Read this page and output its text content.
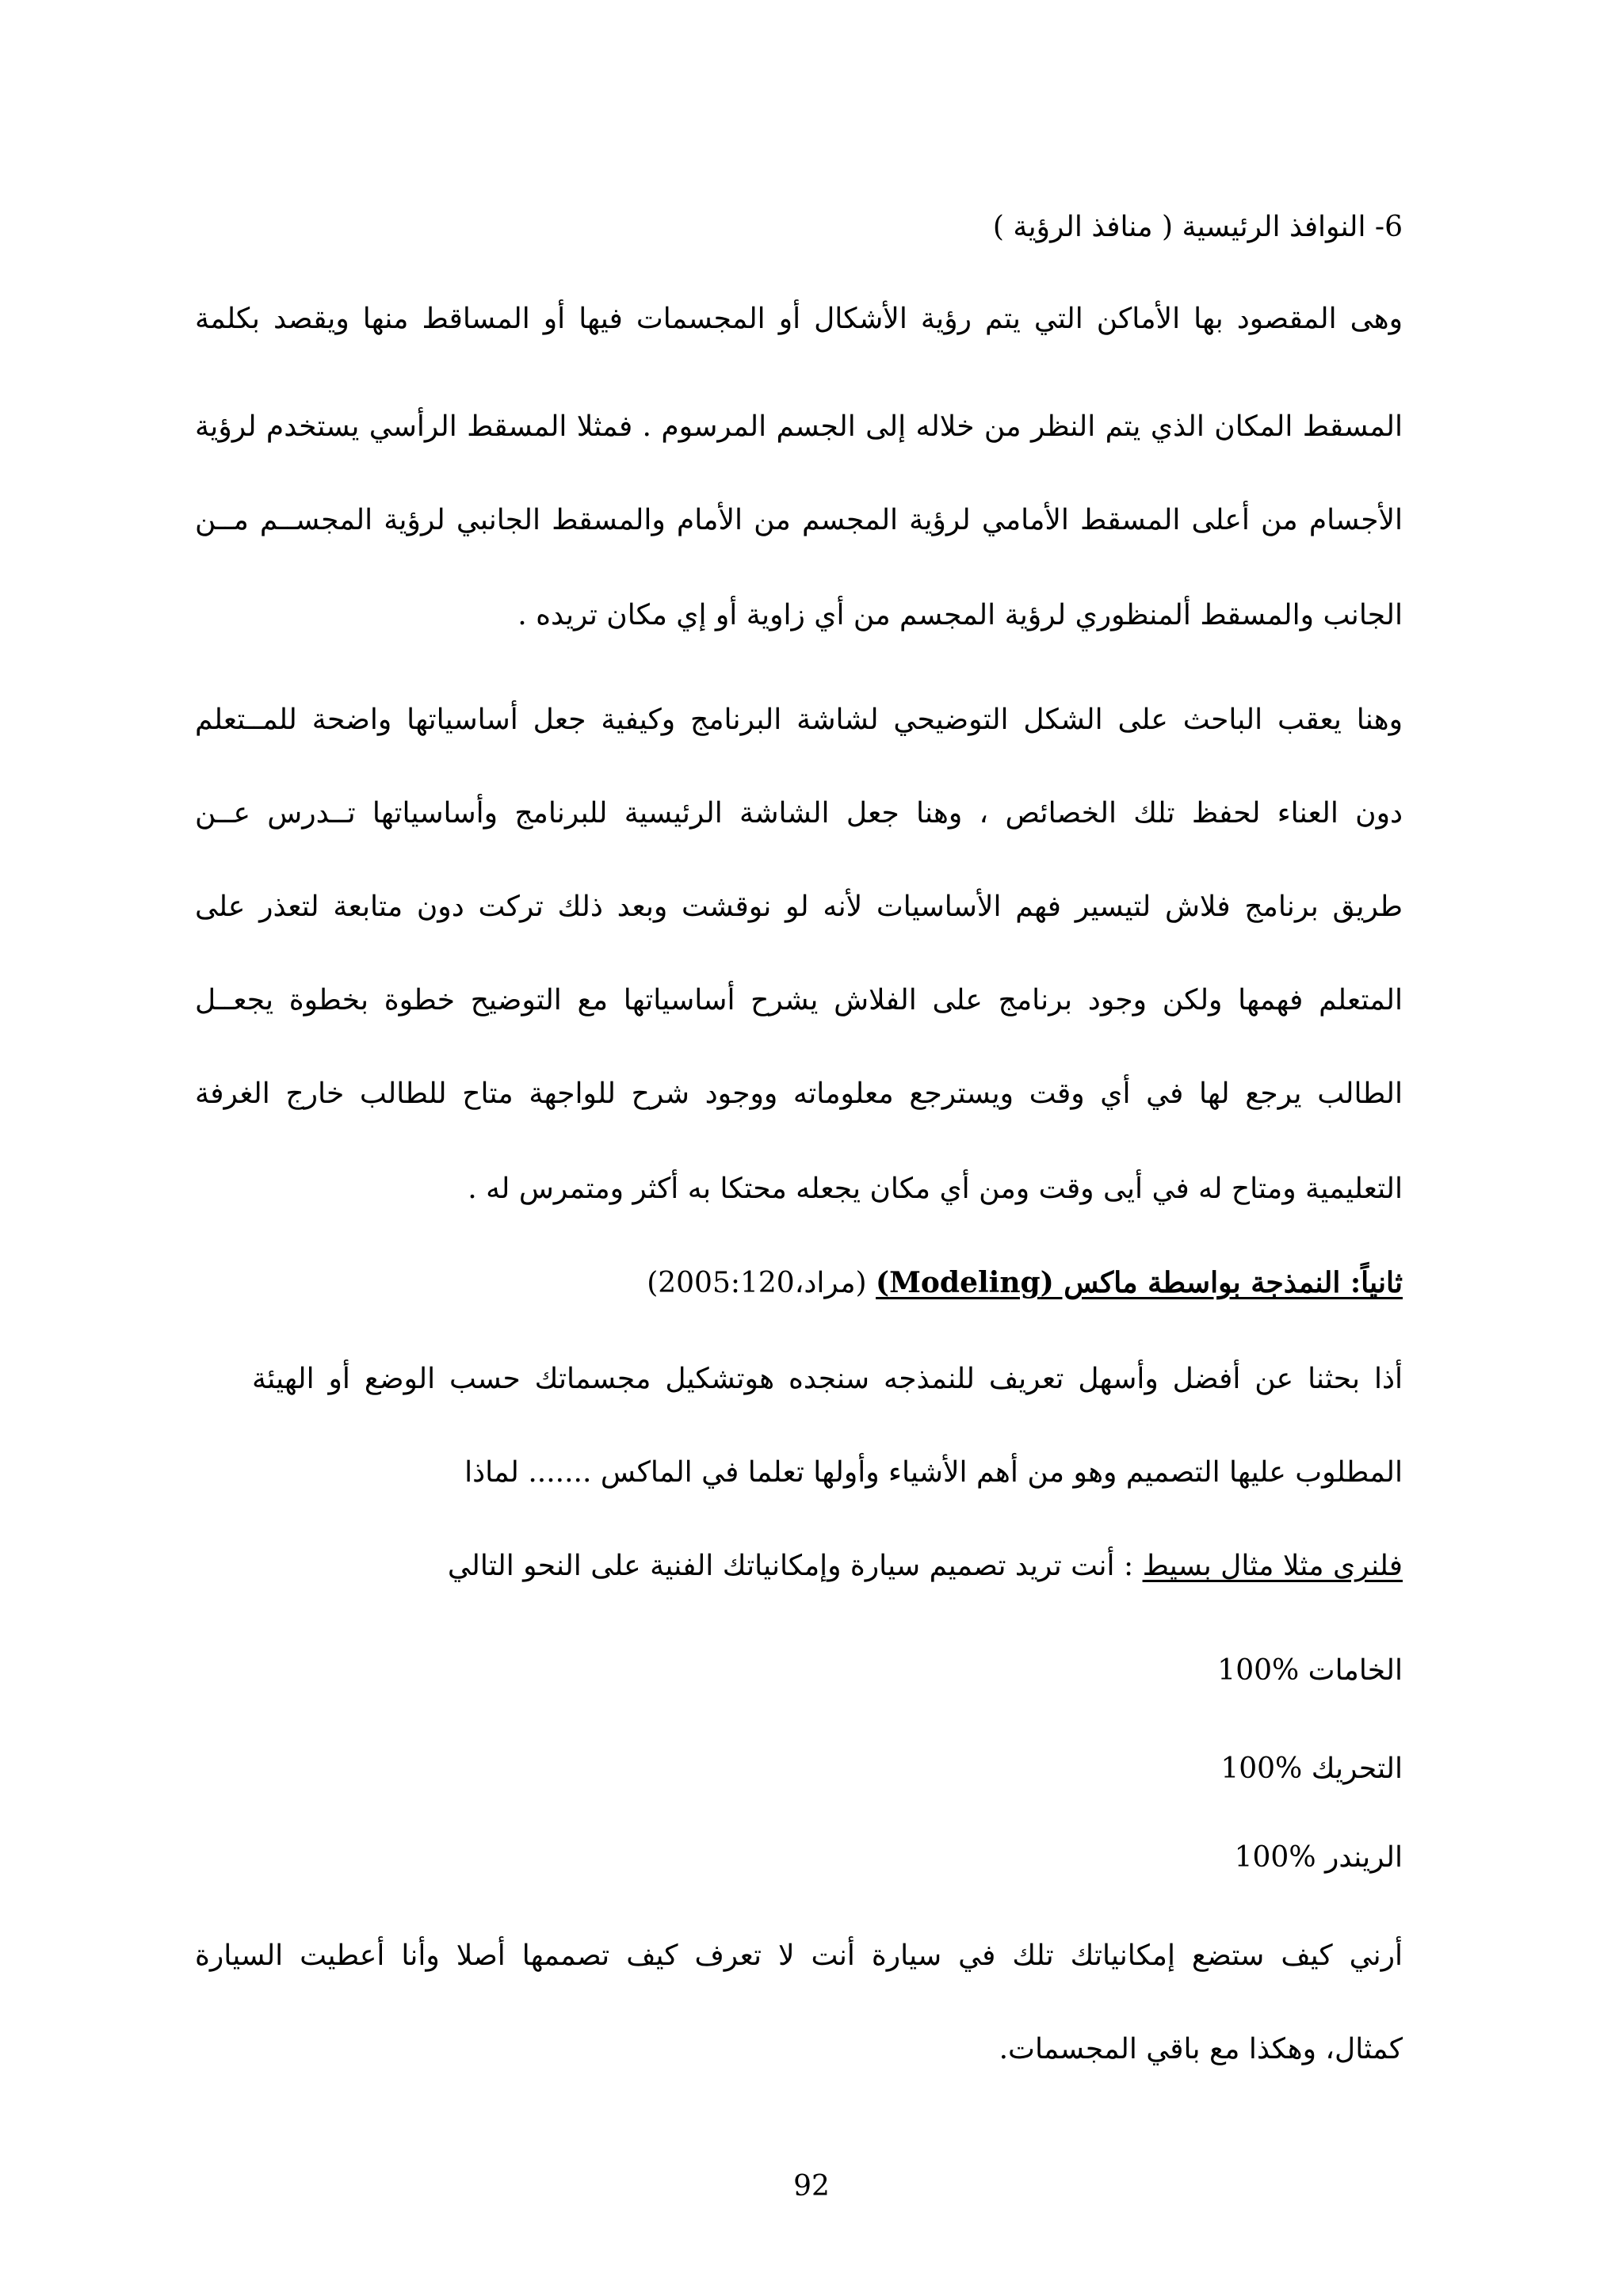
6- النوافذ الرئيسية ( منافذ الرؤية )
وهى المقصود بها الأماكن التي يتم رؤية الأشكال أو المجسمات فيها أو المساقط منها ويقصد بكلمة
المسقط المكان الذي يتم النظر من خلاله إلى الجسم المرسوم . فمثلا المسقط الرأسي يستخدم لرؤية
الأجسام من أعلى المسقط الأمامي لرؤية المجسم من الأمام والمسقط الجانبي لرؤية المجســم مــن
الجانب والمسقط ألمنظوري لرؤية المجسم من أي زاوية أو إي مكان تريده .
وهنا يعقب الباحث على الشكل التوضيحي لشاشة البرنامج وكيفية جعل أساسياتها واضحة للمــتعلم
دون العناء لحفظ تلك الخصائص ، وهنا جعل الشاشة الرئيسية للبرنامج وأساسياتها تــدرس عــن
طريق برنامج فلاش لتيسير فهم الأساسيات لأنه لو نوقشت وبعد ذلك تركت دون متابعة لتعذر على
المتعلم فهمها ولكن وجود برنامج على الفلاش يشرح أساسياتها مع التوضيح خطوة بخطوة يجعــل
الطالب يرجع لها في أي وقت ويسترجع معلوماته ووجود شرح للواجهة متاح للطالب خارج الغرفة
التعليمية ومتاح له في أيى وقت ومن أي مكان يجعله محتكا به أكثر ومتمرس له .
ثانياً: النمذجة بواسطة ماكس (Modeling) (مراد،2005:120)
أذا بحثنا عن أفضل وأسهل تعريف للنمذجه سنجده هوتشكيل مجسماتك حسب الوضع أو الهيئة
المطلوب عليها التصميم وهو من أهم الأشياء وأولها تعلما في الماكس ....... لماذا
فلنرى مثلا مثال بسيط : أنت تريد تصميم سيارة وإمكانياتك الفنية على النحو التالي
الخامات 100%
التحريك 100%
الريندر 100%
أرني كيف ستضع إمكانياتك تلك في سيارة أنت لا تعرف كيف تصممها أصلا وأنا أعطيت السيارة
كمثال، وهكذا مع باقي المجسمات.
92
